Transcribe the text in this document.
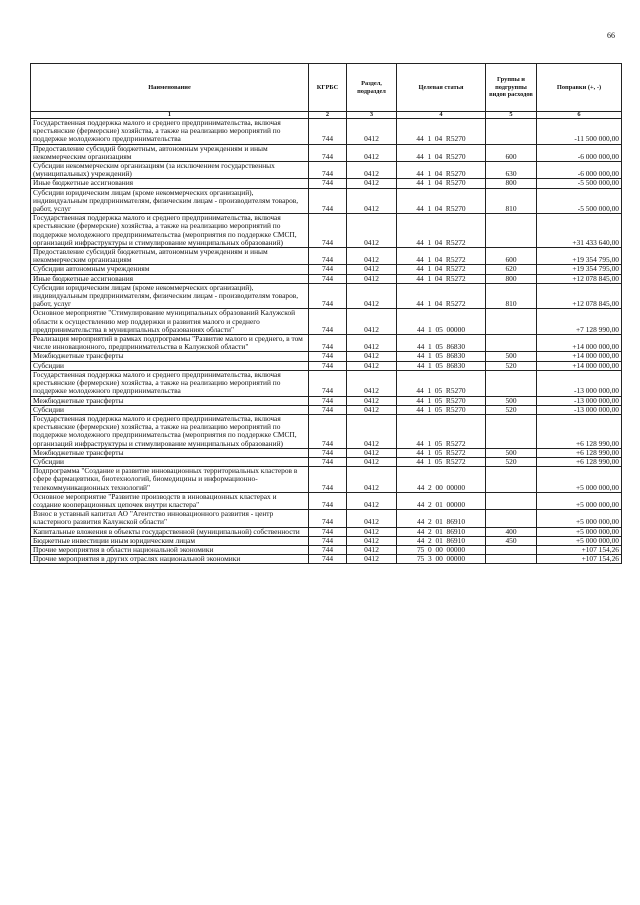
66
Наименование	КГРБС	Раздел, подраздел	Целевая статья	Группы и подгруппы видов расходов	Поправки (+, -)
1	2	3	4	5	6
Государственная поддержка малого и среднего предпринимательства, включая крестьянские (фермерские) хозяйства, а также на реализацию мероприятий по поддержке молодежного предпринимательства	744	0412	44  1  04  R5270		-11 500 000,00
Предоставление субсидий бюджетным, автономным учреждениям и иным некоммерческим организациям	744	0412	44  1  04  R5270	600	-6 000 000,00
Субсидии некоммерческим организациям (за исключением государственных (муниципальных) учреждений)	744	0412	44  1  04  R5270	630	-6 000 000,00
Иные бюджетные ассигнования	744	0412	44  1  04  R5270	800	-5 500 000,00
Субсидии юридическим лицам (кроме некоммерческих организаций), индивидуальным предпринимателям, физическим лицам - производителям товаров, работ, услуг	744	0412	44  1  04  R5270	810	-5 500 000,00
Государственная поддержка малого и среднего предпринимательства, включая крестьянские (фермерские) хозяйства, а также на реализацию мероприятий по поддержке молодежного предпринимательства (мероприятия по поддержке СМСП, организаций инфраструктуры и стимулирование муниципальных образований)	744	0412	44  1  04  R5272		+31 433 640,00
Предоставление субсидий бюджетным, автономным учреждениям и иным некоммерческим организациям	744	0412	44  1  04  R5272	600	+19 354 795,00
Субсидии автономным учреждениям	744	0412	44  1  04  R5272	620	+19 354 795,00
Иные бюджетные ассигнования	744	0412	44  1  04  R5272	800	+12 078 845,00
Субсидии юридическим лицам (кроме некоммерческих организаций), индивидуальным предпринимателям, физическим лицам - производителям товаров, работ, услуг	744	0412	44  1  04  R5272	810	+12 078 845,00
Основное мероприятие "Стимулирование муниципальных образований Калужской области к осуществлению мер поддержки и развития малого и среднего предпринимательства в муниципальных образованиях области"	744	0412	44  1  05  00000		+7 128 990,00
Реализация мероприятий в рамках подпрограммы "Развитие малого и среднего, в том числе инновационного, предпринимательства в Калужской области"	744	0412	44  1  05  86830		+14 000 000,00
Межбюджетные трансферты	744	0412	44  1  05  86830	500	+14 000 000,00
Субсидии	744	0412	44  1  05  86830	520	+14 000 000,00
Государственная поддержка малого и среднего предпринимательства, включая крестьянские (фермерские) хозяйства, а также на реализацию мероприятий по поддержке молодежного предпринимательства	744	0412	44  1  05  R5270		-13 000 000,00
Межбюджетные трансферты	744	0412	44  1  05  R5270	500	-13 000 000,00
Субсидии	744	0412	44  1  05  R5270	520	-13 000 000,00
Государственная поддержка малого и среднего предпринимательства, включая крестьянские (фермерские) хозяйства, а также на реализацию мероприятий по поддержке молодежного предпринимательства (мероприятия по поддержке СМСП, организаций инфраструктуры и стимулирование муниципальных образований)	744	0412	44  1  05  R5272		+6 128 990,00
Межбюджетные трансферты	744	0412	44  1  05  R5272	500	+6 128 990,00
Субсидии	744	0412	44  1  05  R5272	520	+6 128 990,00
Подпрограмма "Создание и развитие инновационных территориальных кластеров в сфере фармацевтики, биотехнологий, биомедицины и информационно-телекоммуникационных технологий"	744	0412	44  2  00  00000		+5 000 000,00
Основное мероприятие "Развитие производств в инновационных кластерах и создание кооперационных цепочек внутри кластера"	744	0412	44  2  01  00000		+5 000 000,00
Взнос в уставный капитал АО "Агентство инновационного развития - центр кластерного развития Калужской области"	744	0412	44  2  01  86910		+5 000 000,00
Капитальные вложения в объекты государственной (муниципальной) собственности	744	0412	44  2  01  86910	400	+5 000 000,00
Бюджетные инвестиции иным юридическим лицам	744	0412	44  2  01  86910	450	+5 000 000,00
Прочие мероприятия в области национальной экономики	744	0412	75  0  00  00000		+107 154,26
Прочие мероприятия в других отраслях национальной экономики	744	0412	75  3  00  00000		+107 154,26
